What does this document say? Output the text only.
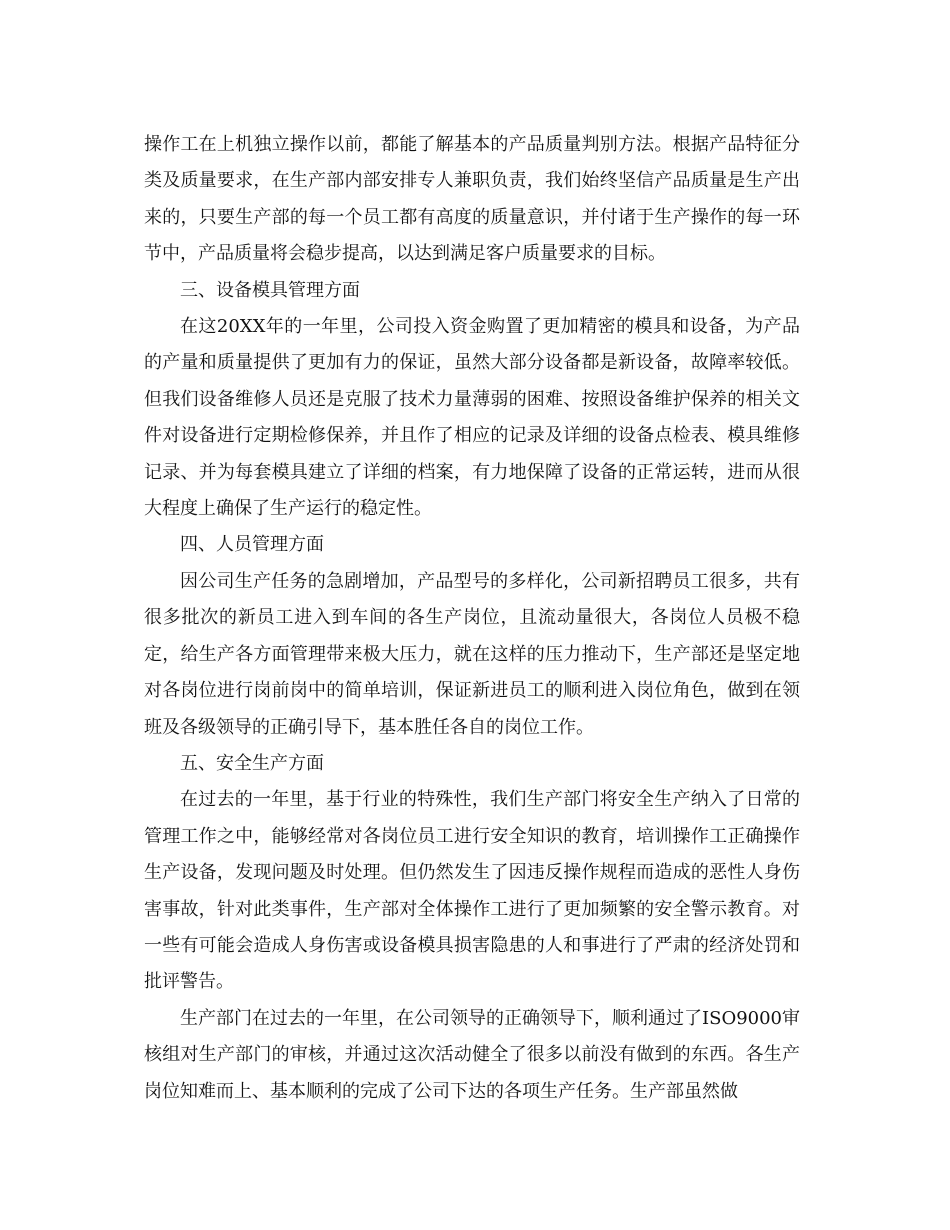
操作工在上机独立操作以前，都能了解基本的产品质量判别方法。根据产品特征分类及质量要求，在生产部内部安排专人兼职负责，我们始终坚信产品质量是生产出来的，只要生产部的每一个员工都有高度的质量意识，并付诸于生产操作的每一环节中，产品质量将会稳步提高，以达到满足客户质量要求的目标。

三、设备模具管理方面

在这20XX年的一年里，公司投入资金购置了更加精密的模具和设备，为产品的产量和质量提供了更加有力的保证，虽然大部分设备都是新设备，故障率较低。但我们设备维修人员还是克服了技术力量薄弱的困难、按照设备维护保养的相关文件对设备进行定期检修保养，并且作了相应的记录及详细的设备点检表、模具维修记录、并为每套模具建立了详细的档案，有力地保障了设备的正常运转，进而从很大程度上确保了生产运行的稳定性。

四、人员管理方面

因公司生产任务的急剧增加，产品型号的多样化，公司新招聘员工很多，共有很多批次的新员工进入到车间的各生产岗位，且流动量很大，各岗位人员极不稳定，给生产各方面管理带来极大压力，就在这样的压力推动下，生产部还是坚定地对各岗位进行岗前岗中的简单培训，保证新进员工的顺利进入岗位角色，做到在领班及各级领导的正确引导下，基本胜任各自的岗位工作。

五、安全生产方面

在过去的一年里，基于行业的特殊性，我们生产部门将安全生产纳入了日常的管理工作之中，能够经常对各岗位员工进行安全知识的教育，培训操作工正确操作生产设备，发现问题及时处理。但仍然发生了因违反操作规程而造成的恶性人身伤害事故，针对此类事件，生产部对全体操作工进行了更加频繁的安全警示教育。对一些有可能会造成人身伤害或设备模具损害隐患的人和事进行了严肃的经济处罚和批评警告。

生产部门在过去的一年里，在公司领导的正确领导下，顺利通过了ISO9000审核组对生产部门的审核，并通过这次活动健全了很多以前没有做到的东西。各生产岗位知难而上、基本顺利的完成了公司下达的各项生产任务。生产部虽然做
